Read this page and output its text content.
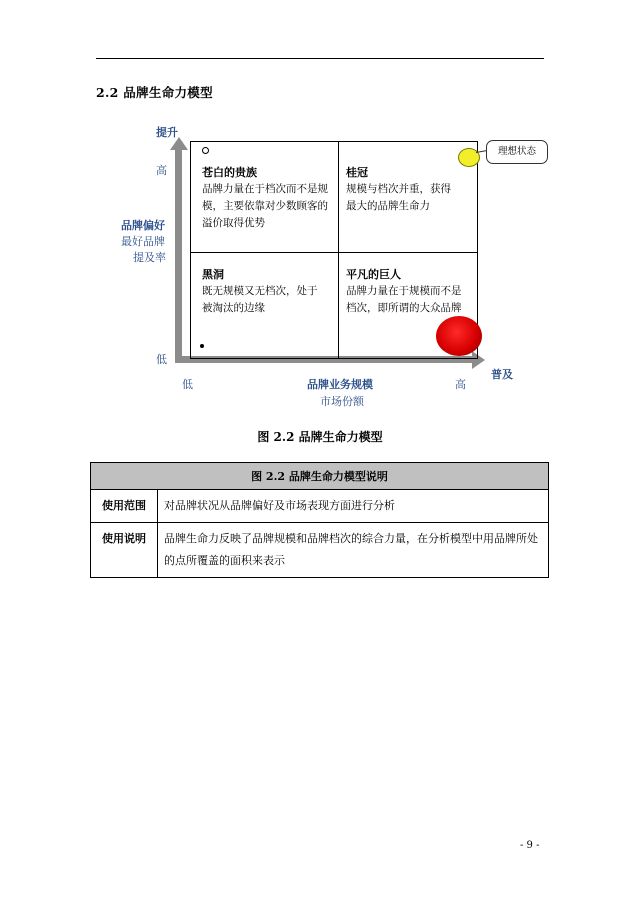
2.2 品牌生命力模型
提升
高
品牌偏好
最好品牌
提及率
低
低	品牌业务规模
市场份额
高
普及
理想状态
苍白的贵族
品牌力量在于档次而不是规模，主要依靠对少数顾客的溢价取得优势
桂冠
规模与档次并重，获得最大的品牌生命力
黑洞
既无规模又无档次，处于被淘汰的边缘
平凡的巨人
品牌力量在于规模而不是档次，即所谓的大众品牌
图 2.2 品牌生命力模型
图 2.2 品牌生命力模型说明	
使用范围	对品牌状况从品牌偏好及市场表现方面进行分析
使用说明	品牌生命力反映了品牌规模和品牌档次的综合力量，在分析模型中用品牌所处的点所覆盖的面积来表示
- 9 -
